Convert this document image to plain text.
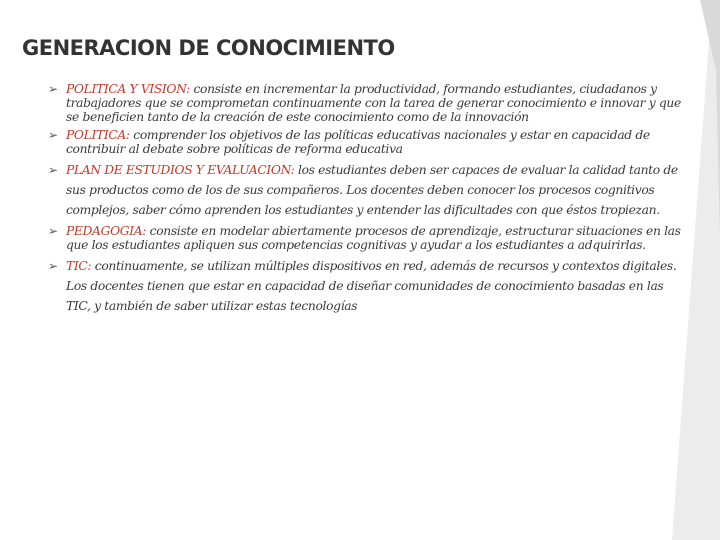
GENERACION DE CONOCIMIENTO
➢ POLITICA Y VISION: consiste en incrementar la productividad, formando estudiantes, ciudadanos y trabajadores que se comprometan continuamente con la tarea de generar conocimiento e innovar y que se beneficien tanto de la creación de este conocimiento como de la innovación
➢ POLITICA: comprender los objetivos de las políticas educativas nacionales y estar en capacidad de contribuir al debate sobre políticas de reforma educativa
➢ PLAN DE ESTUDIOS Y EVALUACION: los estudiantes deben ser capaces de evaluar la calidad tanto de sus productos como de los de sus compañeros. Los docentes deben conocer los procesos cognitivos complejos, saber cómo aprenden los estudiantes y entender las dificultades con que éstos tropiezan.
➢ PEDAGOGIA: consiste en modelar abiertamente procesos de aprendizaje, estructurar situaciones en las que los estudiantes apliquen sus competencias cognitivas y ayudar a los estudiantes a adquirirlas.
➢ TIC: continuamente, se utilizan múltiples dispositivos en red, además de recursos y contextos digitales. Los docentes tienen que estar en capacidad de diseñar comunidades de conocimiento basadas en las TIC, y también de saber utilizar estas tecnologías
